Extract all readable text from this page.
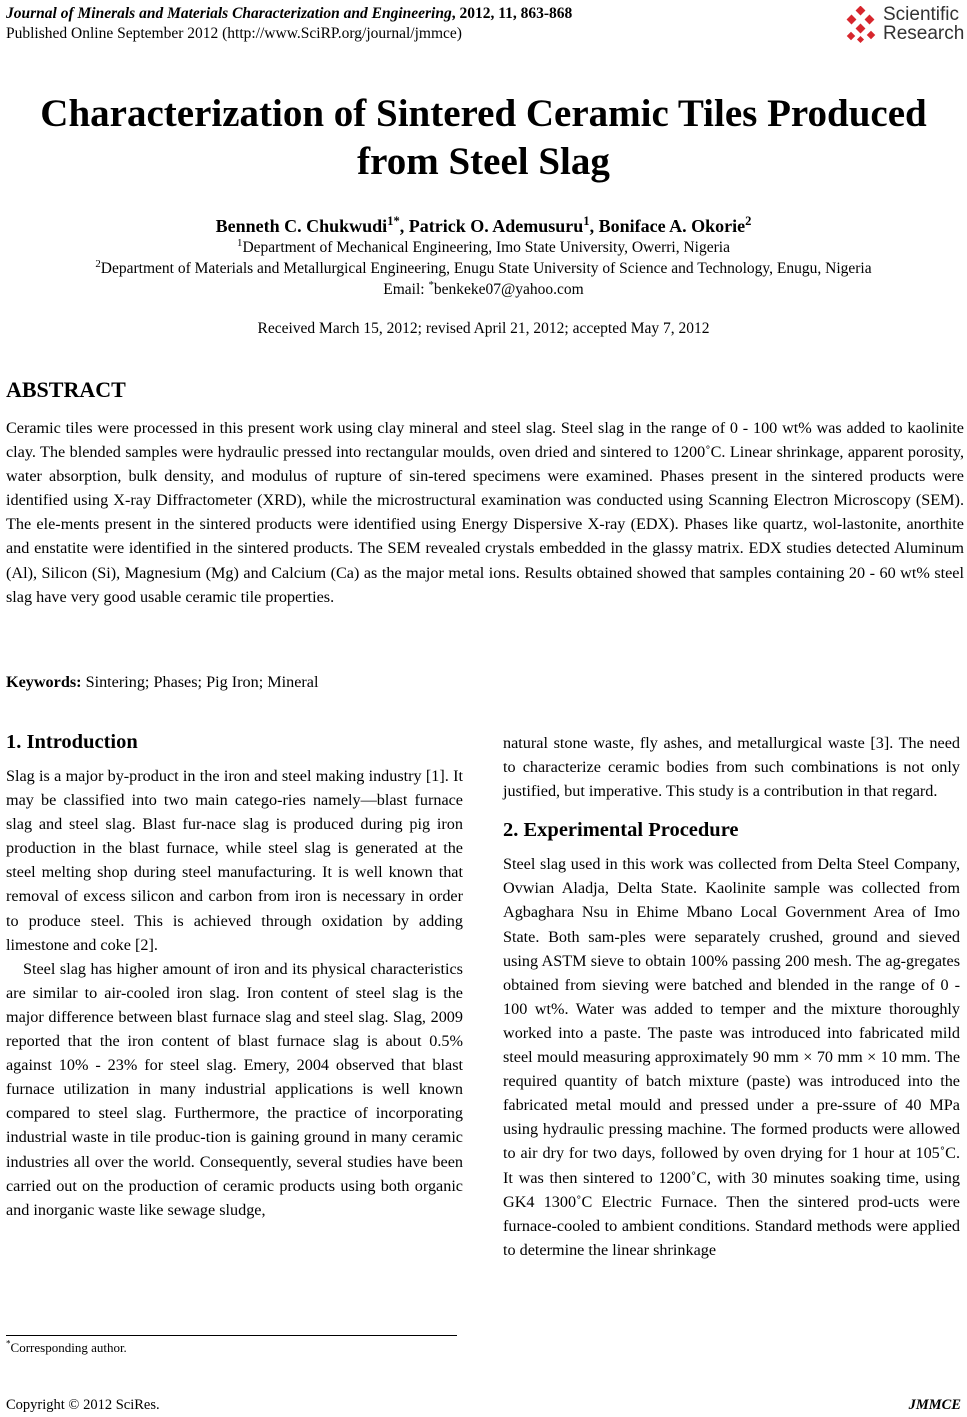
Journal of Minerals and Materials Characterization and Engineering, 2012, 11, 863-868
Published Online September 2012 (http://www.SciRP.org/journal/jmmce)
Scientific
Research
Characterization of Sintered Ceramic Tiles Produced
from Steel Slag
Benneth C. Chukwudi$^{1*}$, Patrick O. Ademusuru$^1$, Boniface A. Okorie$^2$
$^1$Department of Mechanical Engineering, Imo State University, Owerri, Nigeria
$^2$Department of Materials and Metallurgical Engineering, Enugu State University of Science and Technology, Enugu, Nigeria
Email: *benkeke07@yahoo.com
Received March 15, 2012; revised April 21, 2012; accepted May 7, 2012
ABSTRACT
Ceramic tiles were processed in this present work using clay mineral and steel slag. Steel slag in the range of 0 - 100 wt% was added to kaolinite clay. The blended samples were hydraulic pressed into rectangular moulds, oven dried and sintered to 1200˚C. Linear shrinkage, apparent porosity, water absorption, bulk density, and modulus of rupture of sin-tered specimens were examined. Phases present in the sintered products were identified using X-ray Diffractometer (XRD), while the microstructural examination was conducted using Scanning Electron Microscopy (SEM). The ele-ments present in the sintered products were identified using Energy Dispersive X-ray (EDX). Phases like quartz, wol-lastonite, anorthite and enstatite were identified in the sintered products. The SEM revealed crystals embedded in the glassy matrix. EDX studies detected Aluminum (Al), Silicon (Si), Magnesium (Mg) and Calcium (Ca) as the major metal ions. Results obtained showed that samples containing 20 - 60 wt% steel slag have very good usable ceramic tile properties.
Keywords: Sintering; Phases; Pig Iron; Mineral
1. Introduction

Slag is a major by-product in the iron and steel making industry [1]. It may be classified into two main catego-ries namely—blast furnace slag and steel slag. Blast fur-nace slag is produced during pig iron production in the blast furnace, while steel slag is generated at the steel melting shop during steel manufacturing. It is well known that removal of excess silicon and carbon from iron is necessary in order to produce steel. This is achieved through oxidation by adding limestone and coke [2].

Steel slag has higher amount of iron and its physical characteristics are similar to air-cooled iron slag. Iron content of steel slag is the major difference between blast furnace slag and steel slag. Slag, 2009 reported that the iron content of blast furnace slag is about 0.5% against 10% - 23% for steel slag. Emery, 2004 observed that blast furnace utilization in many industrial applications is well known compared to steel slag. Furthermore, the practice of incorporating industrial waste in tile produc-tion is gaining ground in many ceramic industries all over the world. Consequently, several studies have been carried out on the production of ceramic products using both organic and inorganic waste like sewage sludge,

natural stone waste, fly ashes, and metallurgical waste [3]. The need to characterize ceramic bodies from such combinations is not only justified, but imperative. This study is a contribution in that regard.

2. Experimental Procedure

Steel slag used in this work was collected from Delta Steel Company, Ovwian Aladja, Delta State. Kaolinite sample was collected from Agbaghara Nsu in Ehime Mbano Local Government Area of Imo State. Both sam-ples were separately crushed, ground and sieved using ASTM sieve to obtain 100% passing 200 mesh. The ag-gregates obtained from sieving were batched and blended in the range of 0 - 100 wt%. Water was added to temper and the mixture thoroughly worked into a paste. The paste was introduced into fabricated mild steel mould measuring approximately 90 mm × 70 mm × 10 mm. The required quantity of batch mixture (paste) was introduced into the fabricated metal mould and pressed under a pre-ssure of 40 MPa using hydraulic pressing machine. The formed products were allowed to air dry for two days, followed by oven drying for 1 hour at 105˚C. It was then sintered to 1200˚C, with 30 minutes soaking time, using GK4 1300˚C Electric Furnace. Then the sintered prod-ucts were furnace-cooled to ambient conditions. Standard methods were applied to determine the linear shrinkage

*Corresponding author.
Copyright © 2012 SciRes.	JMMCE
